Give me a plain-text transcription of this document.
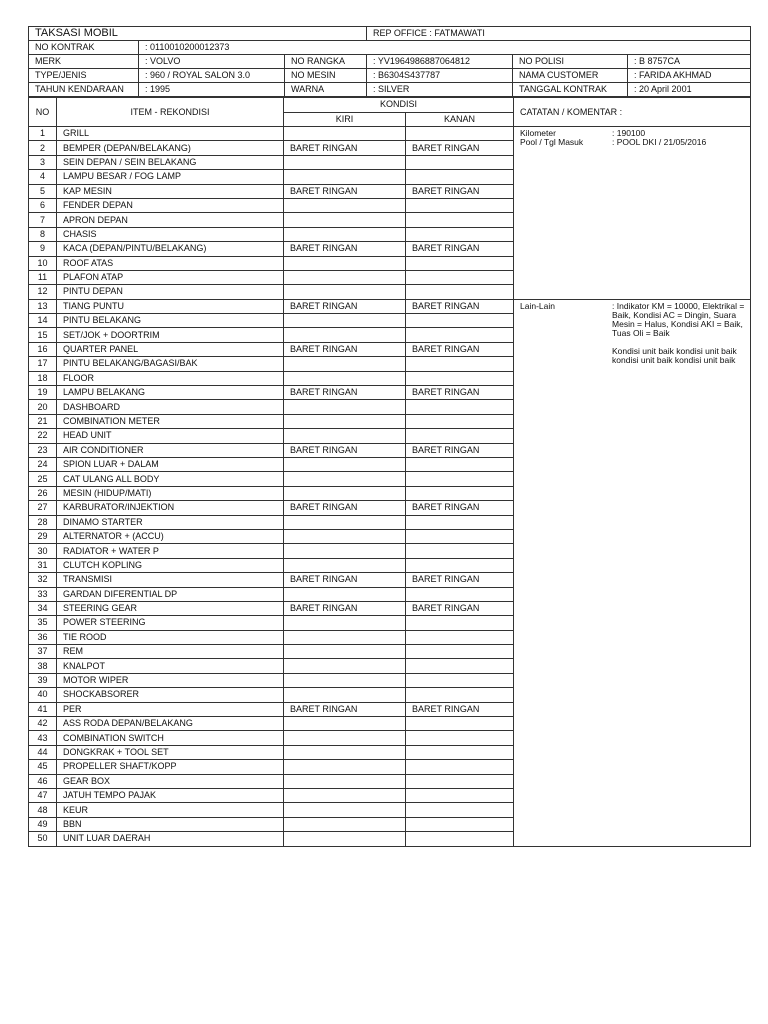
TAKSASI MOBIL			REP OFFICE : FATMAWATI		
NO KONTRAK	: 0110010200012373				
MERK	: VOLVO	NO RANGKA	: YV1964986887064812	NO POLISI	: B 8757CA
TYPE/JENIS	: 960 / ROYAL SALON 3.0	NO MESIN	: B6304S437787	NAMA CUSTOMER	: FARIDA AKHMAD
TAHUN KENDARAAN	: 1995	WARNA	: SILVER	TANGGAL KONTRAK	: 20 April 2001
NO	ITEM - REKONDISI	KONDISI		CATATAN / KOMENTAR :
		KIRI	KANAN	
1	GRILL			Kilometer : 190100
Pool / Tgl Masuk : POOL DKI / 21/05/2016

2	BEMPER (DEPAN/BELAKANG)	BARET RINGAN	BARET RINGAN	
3	SEIN DEPAN / SEIN BELAKANG			
4	LAMPU BESAR / FOG LAMP			
5	KAP MESIN	BARET RINGAN	BARET RINGAN	
6	FENDER DEPAN			
7	APRON DEPAN			
8	CHASIS			
9	KACA (DEPAN/PINTU/BELAKANG)	BARET RINGAN	BARET RINGAN	
10	ROOF ATAS			
11	PLAFON ATAP			
12	PINTU DEPAN			
13	TIANG PUNTU	BARET RINGAN	BARET RINGAN	Lain-Lain : Indikator KM = 10000, Elektrikal = Baik, Kondisi AC = Dingin, Suara Mesin = Halus, Kondisi AKI = Baik, Tuas Oli = Baik
Kondisi unit baik kondisi unit baik kondisi unit baik kondisi unit baik

14	PINTU BELAKANG			
15	SET/JOK + DOORTRIM			
16	QUARTER PANEL	BARET RINGAN	BARET RINGAN	
17	PINTU BELAKANG/BAGASI/BAK			
18	FLOOR			
19	LAMPU BELAKANG	BARET RINGAN	BARET RINGAN	
20	DASHBOARD			
21	COMBINATION METER			
22	HEAD UNIT			
23	AIR CONDITIONER	BARET RINGAN	BARET RINGAN	
24	SPION LUAR + DALAM			
25	CAT ULANG ALL BODY			
26	MESIN (HIDUP/MATI)			
27	KARBURATOR/INJEKTION	BARET RINGAN	BARET RINGAN	
28	DINAMO STARTER			
29	ALTERNATOR + (ACCU)			
30	RADIATOR + WATER P			
31	CLUTCH KOPLING			
32	TRANSMISI	BARET RINGAN	BARET RINGAN	
33	GARDAN DIFERENTIAL DP			
34	STEERING GEAR	BARET RINGAN	BARET RINGAN	
35	POWER STEERING			
36	TIE ROOD			
37	REM			
38	KNALPOT			
39	MOTOR WIPER			
40	SHOCKABSORER			
41	PER	BARET RINGAN	BARET RINGAN	
42	ASS RODA DEPAN/BELAKANG			
43	COMBINATION SWITCH			
44	DONGKRAK + TOOL SET			
45	PROPELLER SHAFT/KOPP			
46	GEAR BOX			
47	JATUH TEMPO PAJAK			
48	KEUR			
49	BBN			
50	UNIT LUAR DAERAH			
